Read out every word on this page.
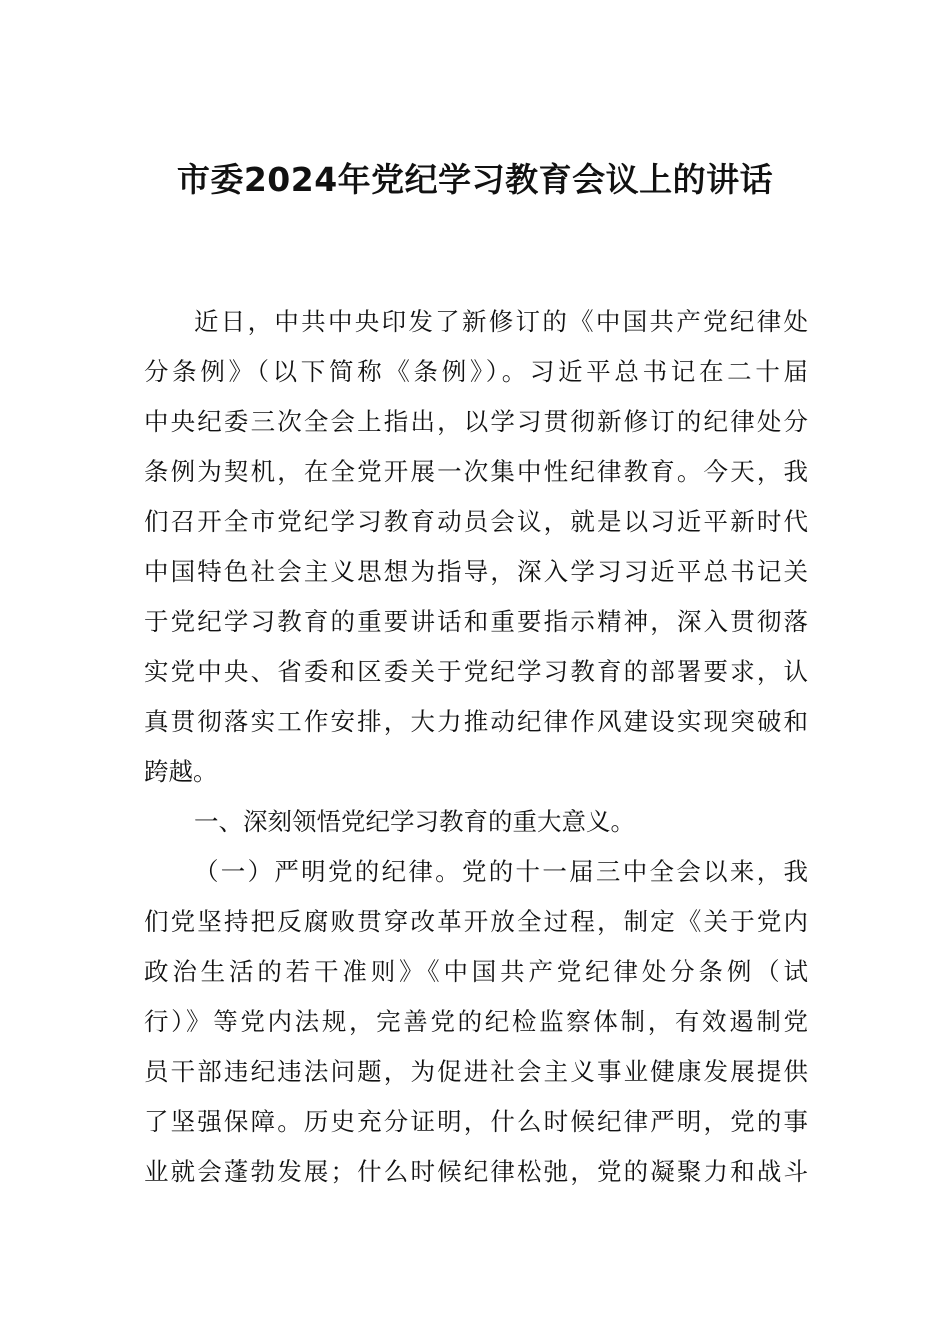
市委2024年党纪学习教育会议上的讲话
近日，中共中央印发了新修订的《中国共产党纪律处
分条例》（以下简称《条例》）。习近平总书记在二十届
中央纪委三次全会上指出，以学习贯彻新修订的纪律处分
条例为契机，在全党开展一次集中性纪律教育。今天，我
们召开全市党纪学习教育动员会议，就是以习近平新时代
中国特色社会主义思想为指导，深入学习习近平总书记关
于党纪学习教育的重要讲话和重要指示精神，深入贯彻落
实党中央、省委和区委关于党纪学习教育的部署要求，认
真贯彻落实工作安排，大力推动纪律作风建设实现突破和
跨越。
一、深刻领悟党纪学习教育的重大意义。
（一）严明党的纪律。党的十一届三中全会以来，我
们党坚持把反腐败贯穿改革开放全过程，制定《关于党内
政治生活的若干准则》《中国共产党纪律处分条例（试
行）》等党内法规，完善党的纪检监察体制，有效遏制党
员干部违纪违法问题，为促进社会主义事业健康发展提供
了坚强保障。历史充分证明，什么时候纪律严明，党的事
业就会蓬勃发展；什么时候纪律松弛，党的凝聚力和战斗
